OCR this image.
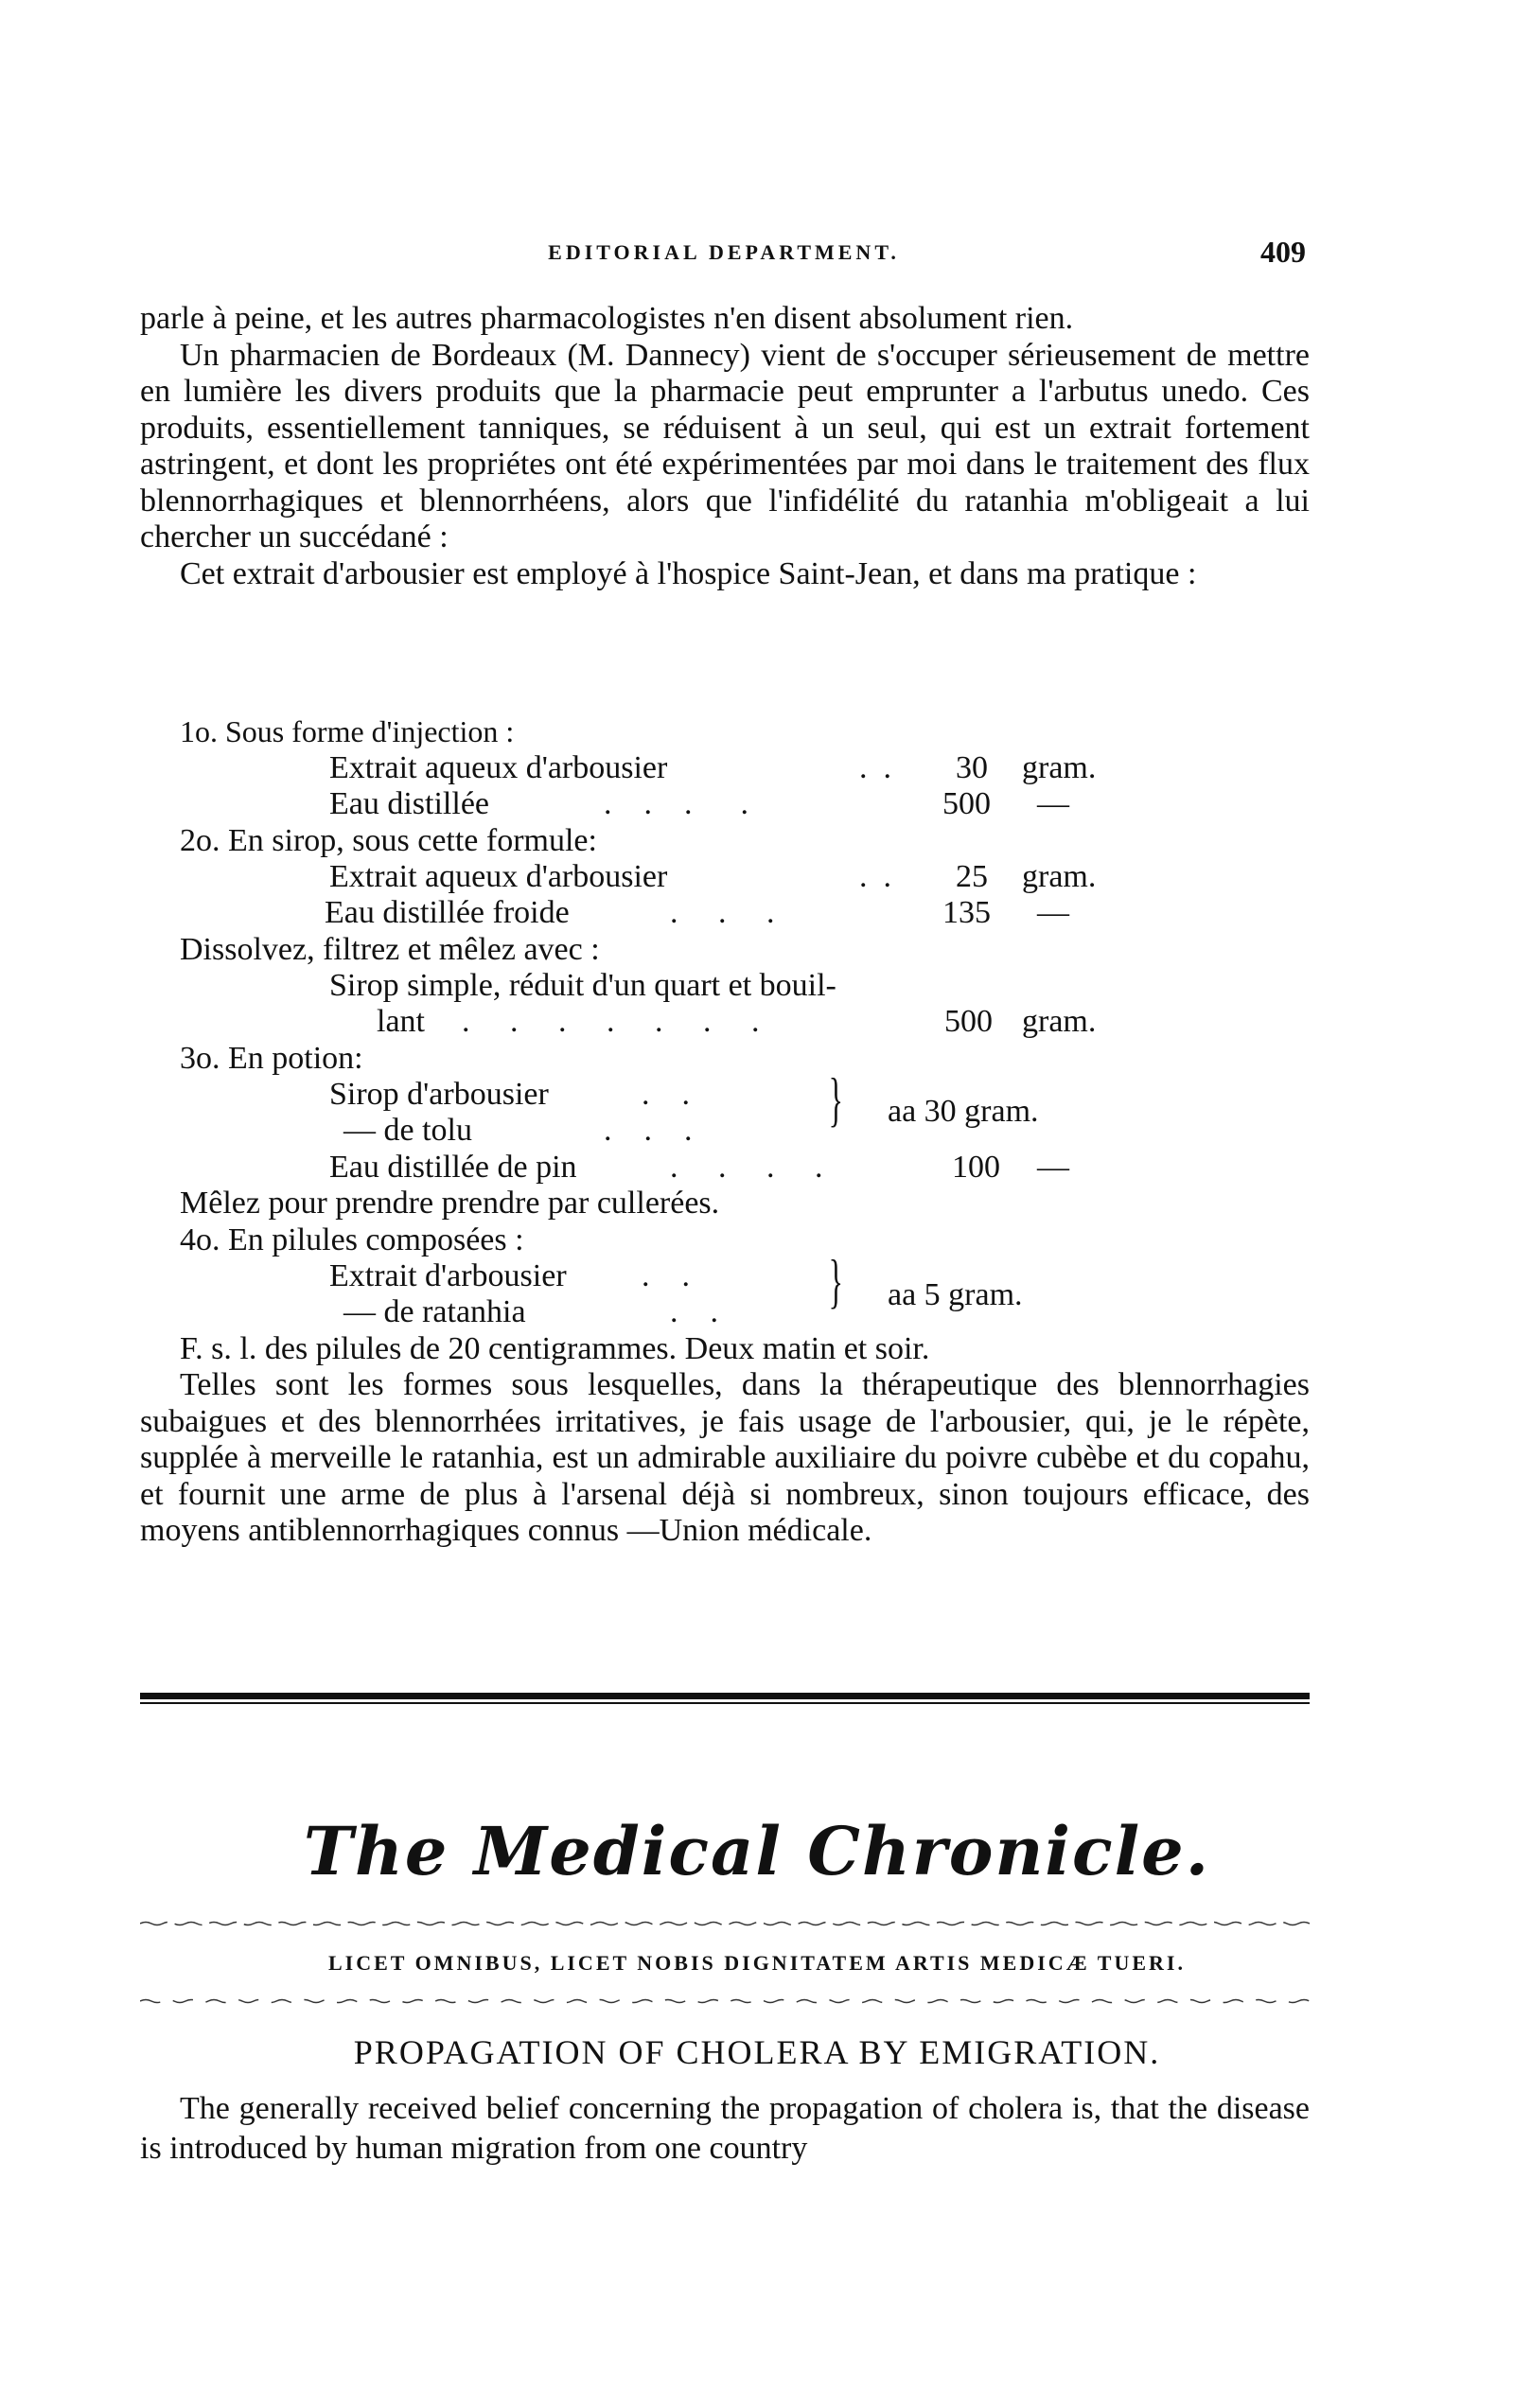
EDITORIAL DEPARTMENT.	409

parle à peine, et les autres pharmacologistes n'en disent absolument rien.

Un pharmacien de Bordeaux (M. Dannecy) vient de s'occuper sérieusement de mettre en lumière les divers produits que la pharmacie peut emprunter a l'arbutus unedo. Ces produits, essentiellement tanniques, se réduisent à un seul, qui est un extrait fortement astringent, et dont les propriétes ont été expérimentées par moi dans le traitement des flux blennorrhagiques et blennorrhéens, alors que l'infidélité du ratanhia m'obligeait a lui chercher un succédané :

Cet extrait d'arbousier est employé à l'hospice Saint-Jean, et dans ma pratique :

1o. Sous forme d'injection :
Extrait aqueux d'arbousier	.  . 30 gram.
Eau distillée	.    .    .      .	500 —
2o. En sirop, sous cette formule:
Extrait aqueux d'arbousier	.  . 25 gram.
Eau distillée froide	.     .     .	135 —
Dissolvez, filtrez et mêlez avec :
Sirop simple, réduit d'un quart et bouil-
lant .     .     .     .     .     .     .	500 gram.
3o. En potion:
Sirop d'arbousier	.    .
— de tolu	.    .    . } aa 30 gram.
Eau distillée de pin	.     .     .     .	100 —
Mêlez pour prendre prendre par cullerées.
4o. En pilules composées :
Extrait d'arbousier .    .
— de ratanhia	.    . } aa 5 gram.
F. s. l. des pilules de 20 centigrammes. Deux matin et soir.

Telles sont les formes sous lesquelles, dans la thérapeutique des blennorrhagies subaigues et des blennorrhées irritatives, je fais usage de l'arbousier, qui, je le répète, supplée à merveille le ratanhia, est un admirable auxiliaire du poivre cubèbe et du copahu, et fournit une arme de plus à l'arsenal déjà si nombreux, sinon toujours efficace, des moyens antiblennorrhagiques connus —Union médicale.

The Medical Chronicle.
LICET OMNIBUS, LICET NOBIS DIGNITATEM ARTIS MEDICÆ TUERI.
PROPAGATION OF CHOLERA BY EMIGRATION.

The generally received belief concerning the propagation of cholera is, that the disease is introduced by human migration from one country
